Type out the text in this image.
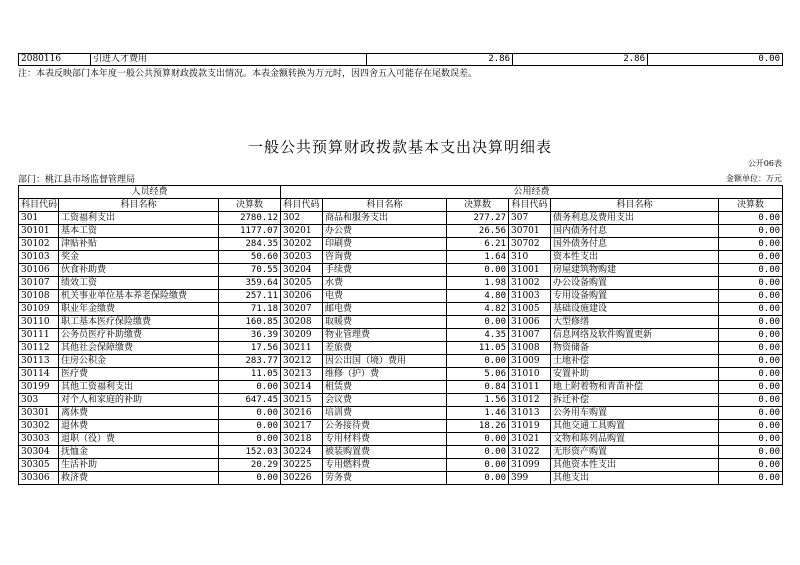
2080116	引进人才费用	2.86	2.86	0.00
注：本表反映部门本年度一般公共预算财政拨款支出情况。本表金额转换为万元时，因四舍五入可能存在尾数误差。
一般公共预算财政拨款基本支出决算明细表
公开06表
部门：桃江县市场监督管理局	金额单位：万元
人员经费			公用经费					
科目代码	科目名称	决算数	科目代码	科目名称	决算数	科目代码	科目名称	决算数
301	工资福利支出	2780.12	302	商品和服务支出	277.27	307	债务利息及费用支出	0.00
30101	基本工资	1177.07	30201	办公费	26.56	30701	国内债务付息	0.00
30102	津贴补贴	284.35	30202	印刷费	6.21	30702	国外债务付息	0.00
30103	奖金	50.60	30203	咨询费	1.64	310	资本性支出	0.00
30106	伙食补助费	70.55	30204	手续费	0.00	31001	房屋建筑物购建	0.00
30107	绩效工资	359.64	30205	水费	1.98	31002	办公设备购置	0.00
30108	机关事业单位基本养老保险缴费	257.11	30206	电费	4.80	31003	专用设备购置	0.00
30109	职业年金缴费	71.18	30207	邮电费	4.82	31005	基础设施建设	0.00
30110	职工基本医疗保险缴费	160.85	30208	取暖费	0.00	31006	大型修缮	0.00
30111	公务员医疗补助缴费	36.39	30209	物业管理费	4.35	31007	信息网络及软件购置更新	0.00
30112	其他社会保障缴费	17.56	30211	差旅费	11.05	31008	物资储备	0.00
30113	住房公积金	283.77	30212	因公出国（境）费用	0.00	31009	土地补偿	0.00
30114	医疗费	11.05	30213	维修（护）费	5.06	31010	安置补助	0.00
30199	其他工资福利支出	0.00	30214	租赁费	0.84	31011	地上附着物和青苗补偿	0.00
303	对个人和家庭的补助	647.45	30215	会议费	1.56	31012	拆迁补偿	0.00
30301	离休费	0.00	30216	培训费	1.46	31013	公务用车购置	0.00
30302	退休费	0.00	30217	公务接待费	18.26	31019	其他交通工具购置	0.00
30303	退职（役）费	0.00	30218	专用材料费	0.00	31021	文物和陈列品购置	0.00
30304	抚恤金	152.03	30224	被装购置费	0.00	31022	无形资产购置	0.00
30305	生活补助	20.29	30225	专用燃料费	0.00	31099	其他资本性支出	0.00
30306	救济费	0.00	30226	劳务费	0.00	399	其他支出	0.00
